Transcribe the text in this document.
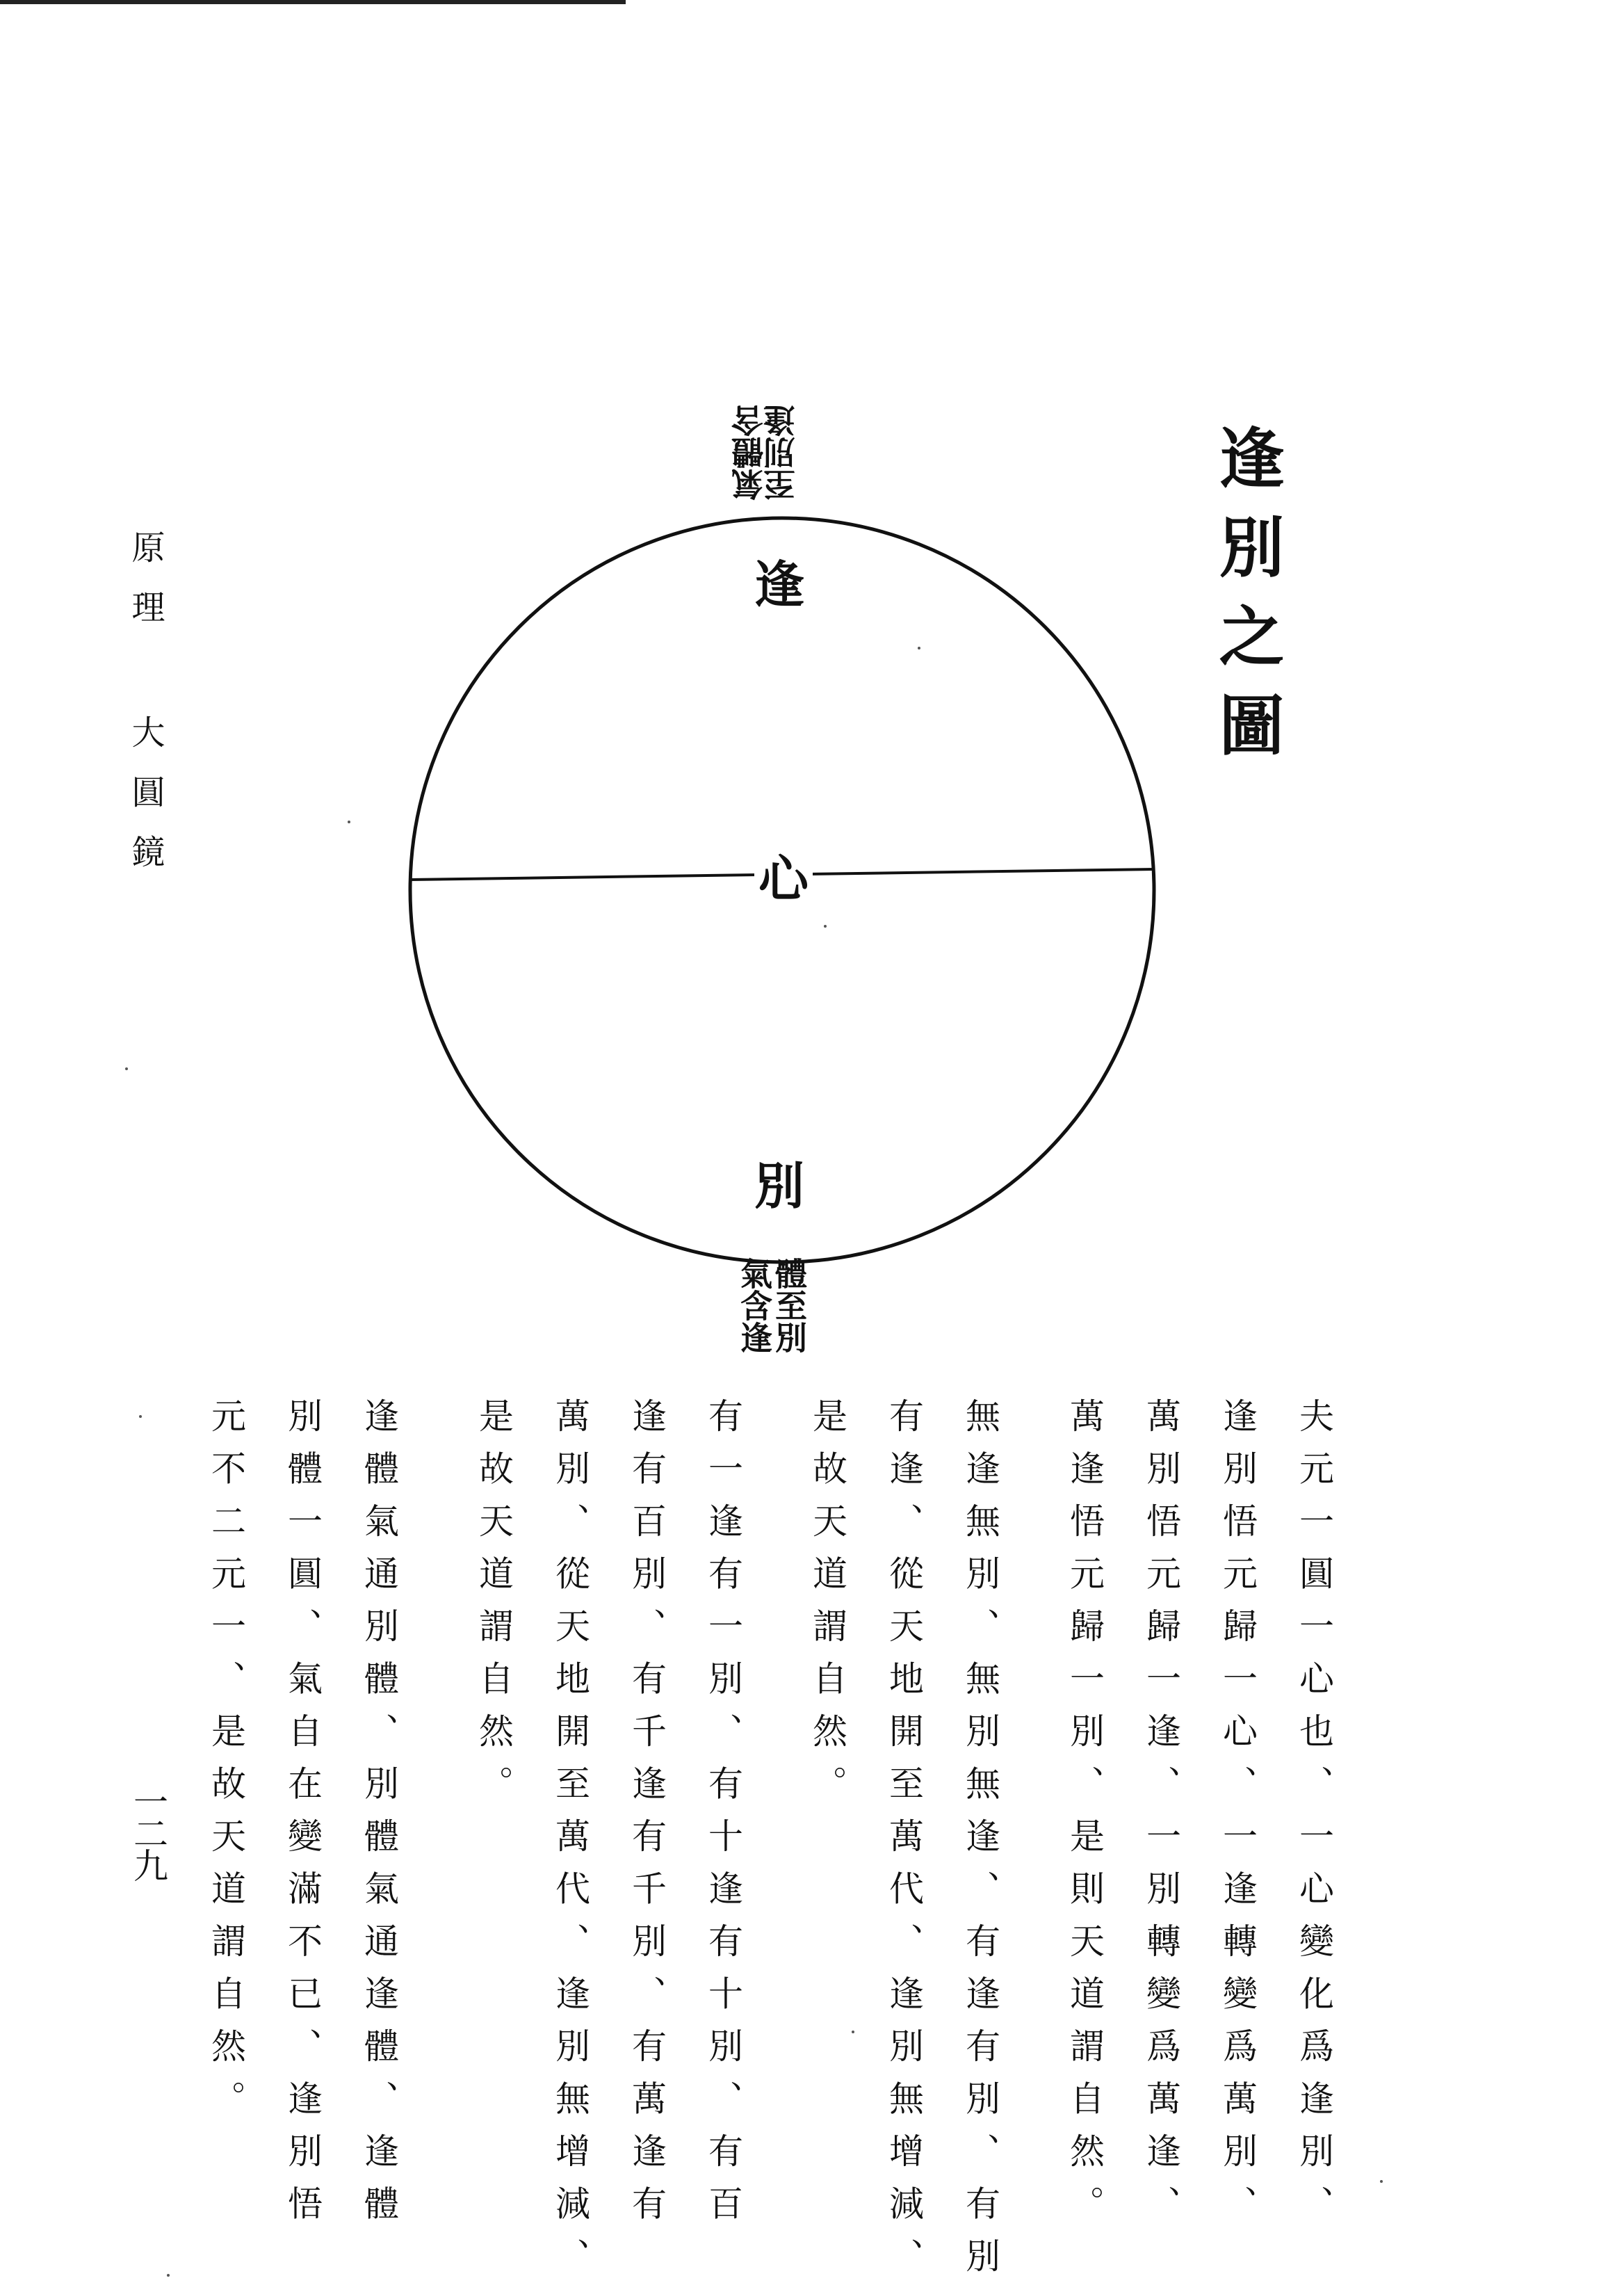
逢別之圖
原理 大圓鏡
一二九
氣體含至別逢
體至別
氣含逢
逢
心
別
夫元一圓一心也、一心變化爲逢別、
逢別悟元歸一心、一逢轉變爲萬別、
萬別悟元歸一逢、一別轉變爲萬逢、
萬逢悟元歸一別、是則天道謂自然。
無逢無別、無別無逢、有逢有別、有別
有逢、從天地開至萬代、逢別無增減、
是故天道謂自然。
有一逢有一別、有十逢有十別、有百
逢有百別、有千逢有千別、有萬逢有
萬別、從天地開至萬代、逢別無增減、
是故天道謂自然。
逢體氣通別體、別體氣通逢體、逢體
別體一圓、氣自在變滿不已、逢別悟
元不二元一、是故天道謂自然。
